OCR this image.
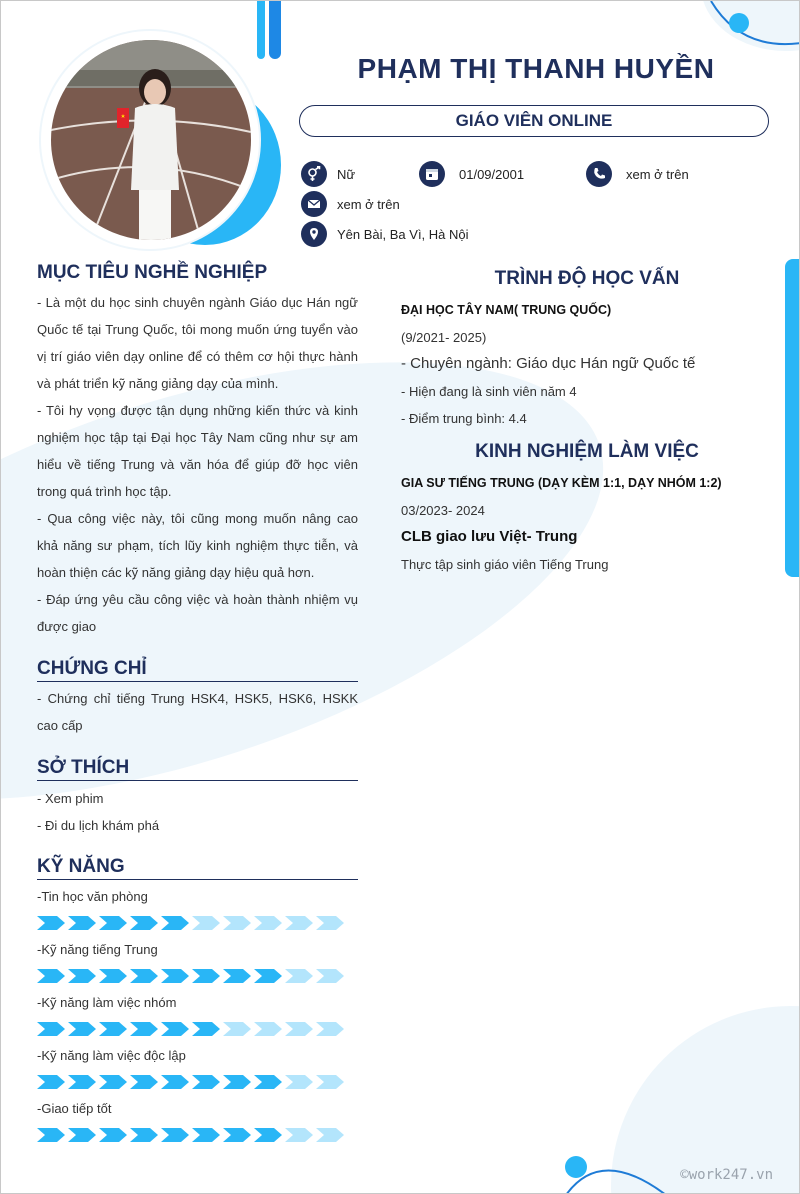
PHẠM THỊ THANH HUYỀN
GIÁO VIÊN ONLINE
Nữ	01/09/2001	xem ở trên
xem ở trên
Yên Bài, Ba Vì, Hà Nội
MỤC TIÊU NGHỀ NGHIỆP
- Là một du học sinh chuyên ngành Giáo dục Hán ngữ Quốc tế tại Trung Quốc, tôi mong muốn ứng tuyển vào vị trí giáo viên dạy online để có thêm cơ hội thực hành và phát triển kỹ năng giảng dạy của mình.
- Tôi hy vọng được tận dụng những kiến thức và kinh nghiệm học tập tại Đại học Tây Nam cũng như sự am hiểu về tiếng Trung và văn hóa để giúp đỡ học viên trong quá trình học tập.
- Qua công việc này, tôi cũng mong muốn nâng cao khả năng sư phạm, tích lũy kinh nghiệm thực tiễn, và hoàn thiện các kỹ năng giảng dạy hiệu quả hơn.
- Đáp ứng yêu cầu công việc và hoàn thành nhiệm vụ được giao
CHỨNG CHỈ
- Chứng chỉ tiếng Trung HSK4, HSK5, HSK6, HSKK cao cấp
SỞ THÍCH
- Xem phim
- Đi du lịch khám phá
KỸ NĂNG
-Tin học văn phòng
-Kỹ năng tiếng Trung
-Kỹ năng làm việc nhóm
-Kỹ năng làm việc độc lập
-Giao tiếp tốt
TRÌNH ĐỘ HỌC VẤN
ĐẠI HỌC TÂY NAM( TRUNG QUỐC)
(9/2021- 2025)
- Chuyên ngành: Giáo dục Hán ngữ Quốc tế
- Hiện đang là sinh viên năm 4
- Điểm trung bình: 4.4
KINH NGHIỆM LÀM VIỆC
GIA SƯ TIẾNG TRUNG (DẠY KÈM 1:1, DẠY NHÓM 1:2)
03/2023- 2024
CLB giao lưu Việt- Trung
Thực tập sinh giáo viên Tiếng Trung
©work247.vn
